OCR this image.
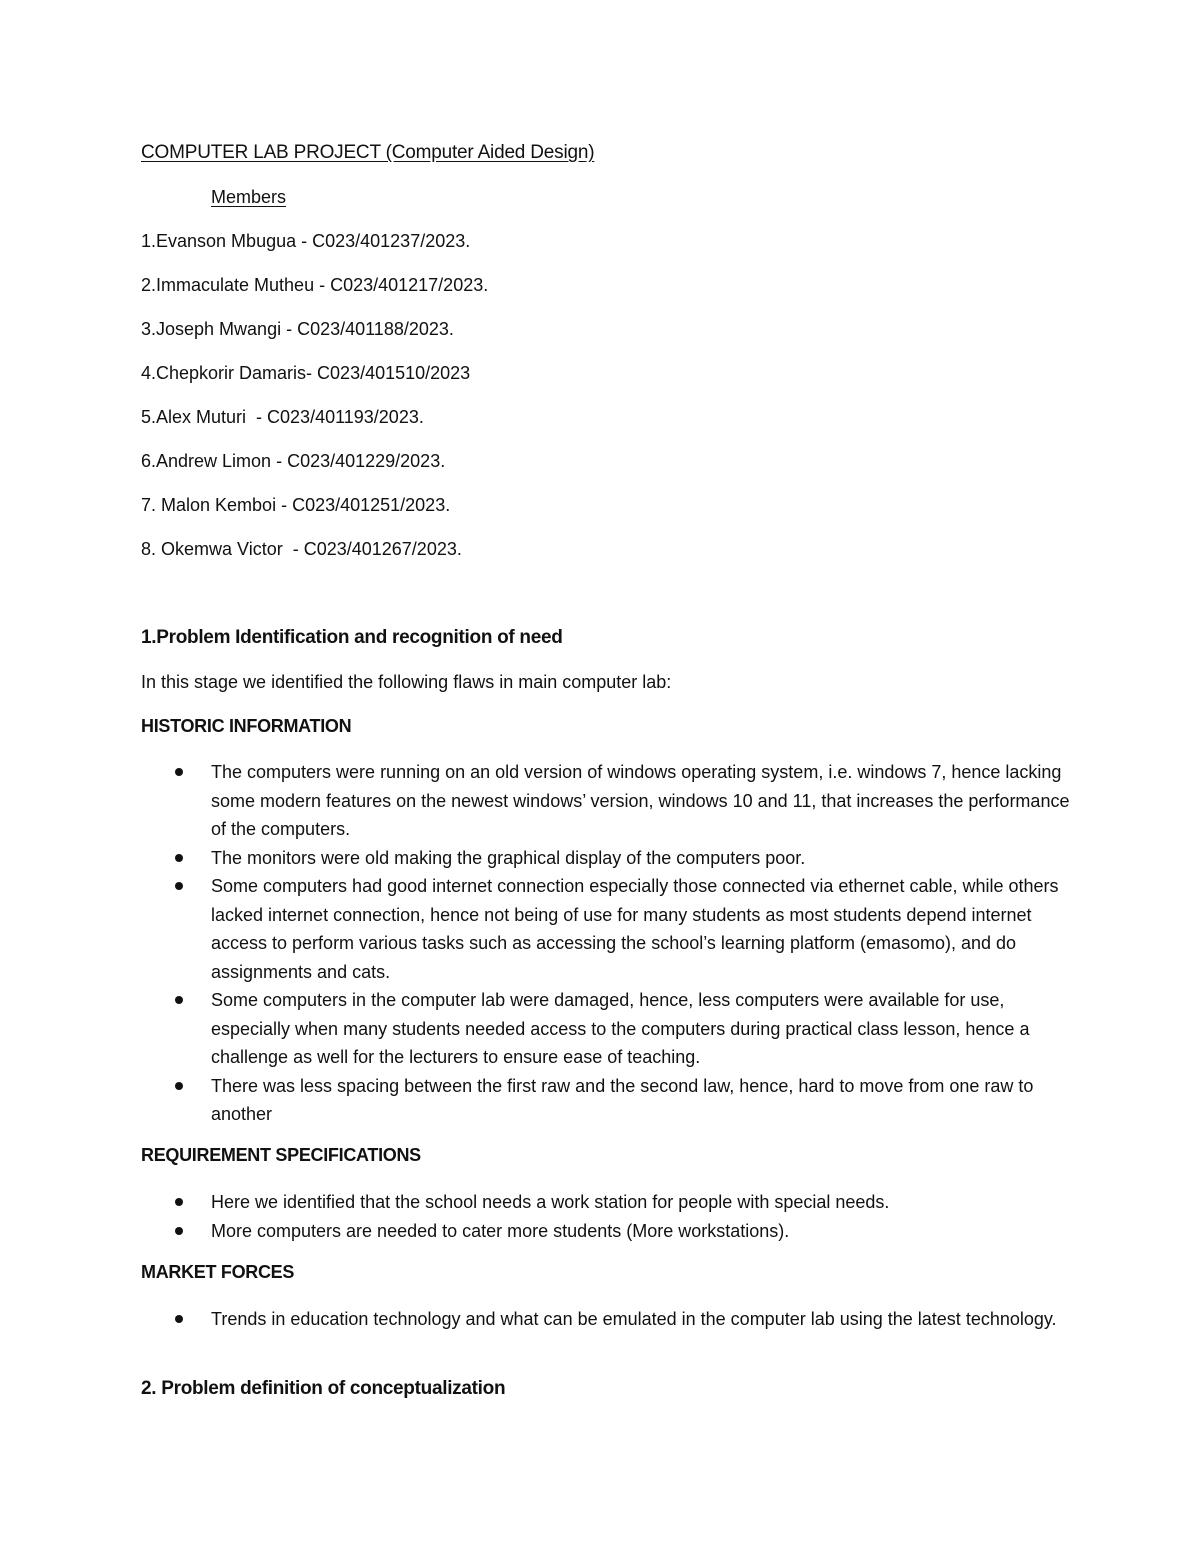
COMPUTER LAB PROJECT (Computer Aided Design)
Members
1.Evanson Mbugua - C023/401237/2023.
2.Immaculate Mutheu - C023/401217/2023.
3.Joseph Mwangi - C023/401188/2023.
4.Chepkorir Damaris- C023/401510/2023
5.Alex Muturi  - C023/401193/2023.
6.Andrew Limon - C023/401229/2023.
7. Malon Kemboi - C023/401251/2023.
8. Okemwa Victor  - C023/401267/2023.
1.Problem Identification and recognition of need
In this stage we identified the following flaws in main computer lab:
HISTORIC INFORMATION
The computers were running on an old version of windows operating system, i.e. windows 7, hence lacking some modern features on the newest windows’ version, windows 10 and 11, that increases the performance of the computers.
The monitors were old making the graphical display of the computers poor.
Some computers had good internet connection especially those connected via ethernet cable, while others lacked internet connection, hence not being of use for many students as most students depend internet access to perform various tasks such as accessing the school’s learning platform (emasomo), and do assignments and cats.
Some computers in the computer lab were damaged, hence, less computers were available for use, especially when many students needed access to the computers during practical class lesson, hence a challenge as well for the lecturers to ensure ease of teaching.
There was less spacing between the first raw and the second law, hence, hard to move from one raw to another
REQUIREMENT SPECIFICATIONS
Here we identified that the school needs a work station for people with special needs.
More computers are needed to cater more students (More workstations).
MARKET FORCES
Trends in education technology and what can be emulated in the computer lab using the latest technology.
2. Problem definition of conceptualization
